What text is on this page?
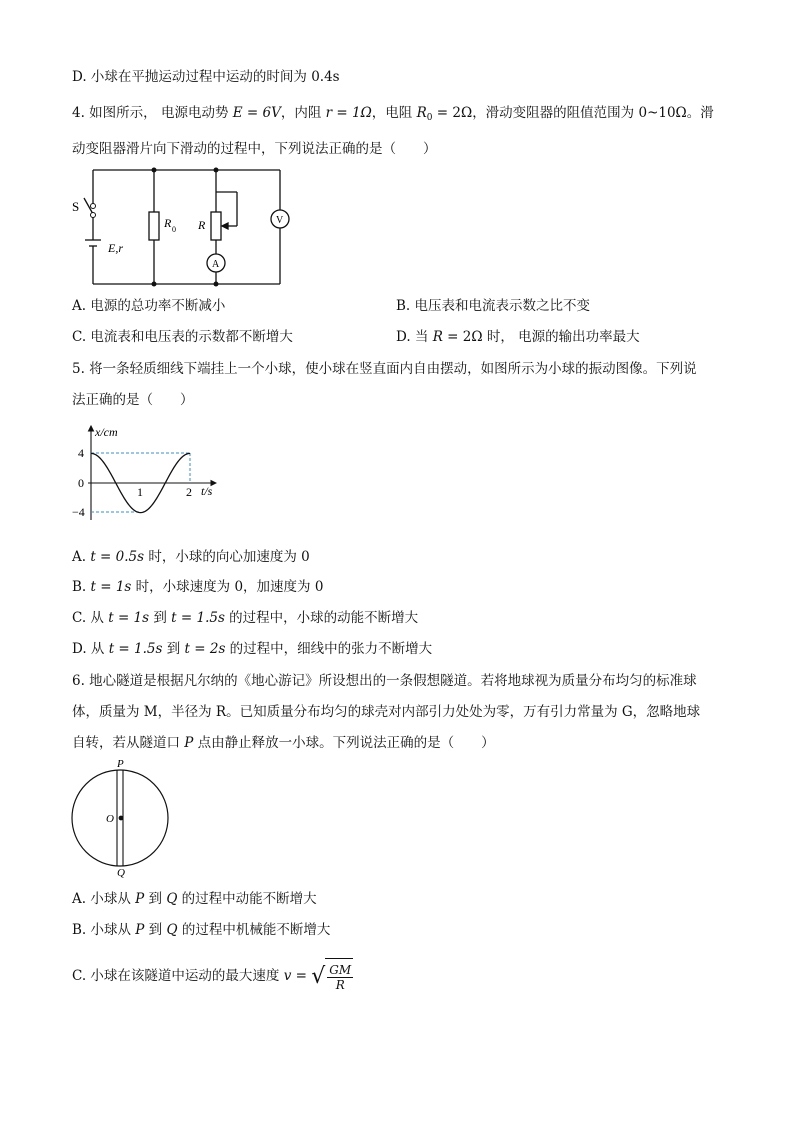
D. 小球在平抛运动过程中运动的时间为 0.4s
4. 如图所示， 电源电动势 E = 6V，内阻 r = 1Ω，电阻 $R_0 = 2\Omega$，滑动变阻器的阻值范围为 0~10Ω。滑
动变阻器滑片向下滑动的过程中，下列说法正确的是（　　）
S
E,r
R 0 R
A
V
A. 电源的总功率不断减小	B. 电压表和电流表示数之比不变
C. 电流表和电压表的示数都不断增大	D. 当 R = 2Ω 时， 电源的输出功率最大
5. 将一条轻质细线下端挂上一个小球，使小球在竖直面内自由摆动，如图所示为小球的振动图像。下列说
法正确的是（　　）
x/cm
t/s
4
0
−4
1	2
A. t = 0.5s 时，小球的向心加速度为 0
B. t = 1s 时，小球速度为 0，加速度为 0
C. 从 t = 1s 到 t = 1.5s 的过程中，小球的动能不断增大
D. 从 t = 1.5s 到 t = 2s 的过程中，细线中的张力不断增大
6. 地心隧道是根据凡尔纳的《地心游记》所设想出的一条假想隧道。若将地球视为质量分布均匀的标准球
体，质量为 M，半径为 R。已知质量分布均匀的球壳对内部引力处处为零，万有引力常量为 G，忽略地球
自转，若从隧道口 P 点由静止释放一小球。下列说法正确的是（　　）
P
O
Q
A. 小球从 P 到 Q 的过程中动能不断增大
B. 小球从 P 到 Q 的过程中机械能不断增大
C. 小球在该隧道中运动的最大速度 v = √ $\frac{GM}{R}$
